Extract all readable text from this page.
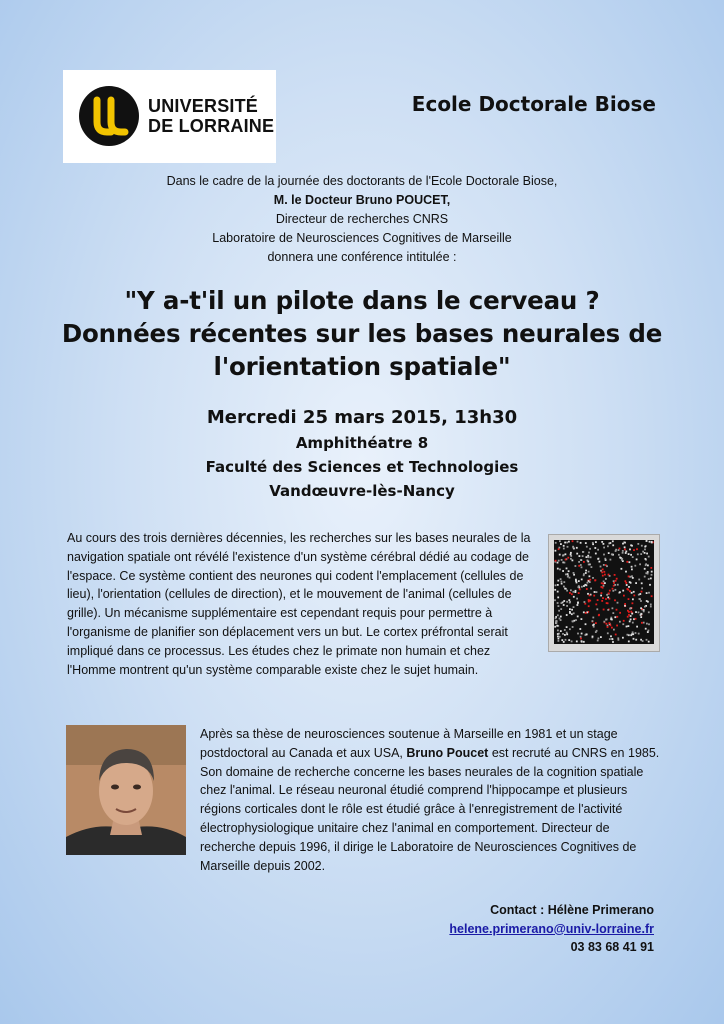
UNIVERSITÉ
DE LORRAINE
Ecole Doctorale Biose
Dans le cadre de la journée des doctorants de l'Ecole Doctorale Biose,
M. le Docteur Bruno POUCET,
Directeur de recherches CNRS
Laboratoire de Neurosciences Cognitives de Marseille
donnera une conférence intitulée :
"Y a-t'il un pilote dans le cerveau ?
Données récentes sur les bases neurales de
l'orientation spatiale"
Mercredi 25 mars 2015, 13h30
Amphithéatre 8
Faculté des Sciences et Technologies
Vandœuvre-lès-Nancy
Au cours des trois dernières décennies, les recherches sur les bases neurales de la navigation spatiale ont révélé l'existence d'un système cérébral dédié au codage de l'espace. Ce système contient des neurones qui codent l'emplacement (cellules de lieu), l'orientation (cellules de direction), et le mouvement de l'animal (cellules de grille). Un mécanisme supplémentaire est cependant requis pour permettre à l'organisme de planifier son déplacement vers un but. Le cortex préfrontal serait impliqué dans ce processus. Les études chez le primate non humain et chez l'Homme montrent qu'un système comparable existe chez le sujet humain.
Après sa thèse de neurosciences soutenue à Marseille en 1981 et un stage postdoctoral au Canada et aux USA, Bruno Poucet est recruté au CNRS en 1985. Son domaine de recherche concerne les bases neurales de la cognition spatiale chez l'animal. Le réseau neuronal étudié comprend l'hippocampe et plusieurs régions corticales dont le rôle est étudié grâce à l'enregistrement de l'activité électrophysiologique unitaire chez l'animal en comportement. Directeur de recherche depuis 1996, il dirige le Laboratoire de Neurosciences Cognitives de Marseille depuis 2002.
Contact : Hélène Primerano
helene.primerano@univ-lorraine.fr
03 83 68 41 91
